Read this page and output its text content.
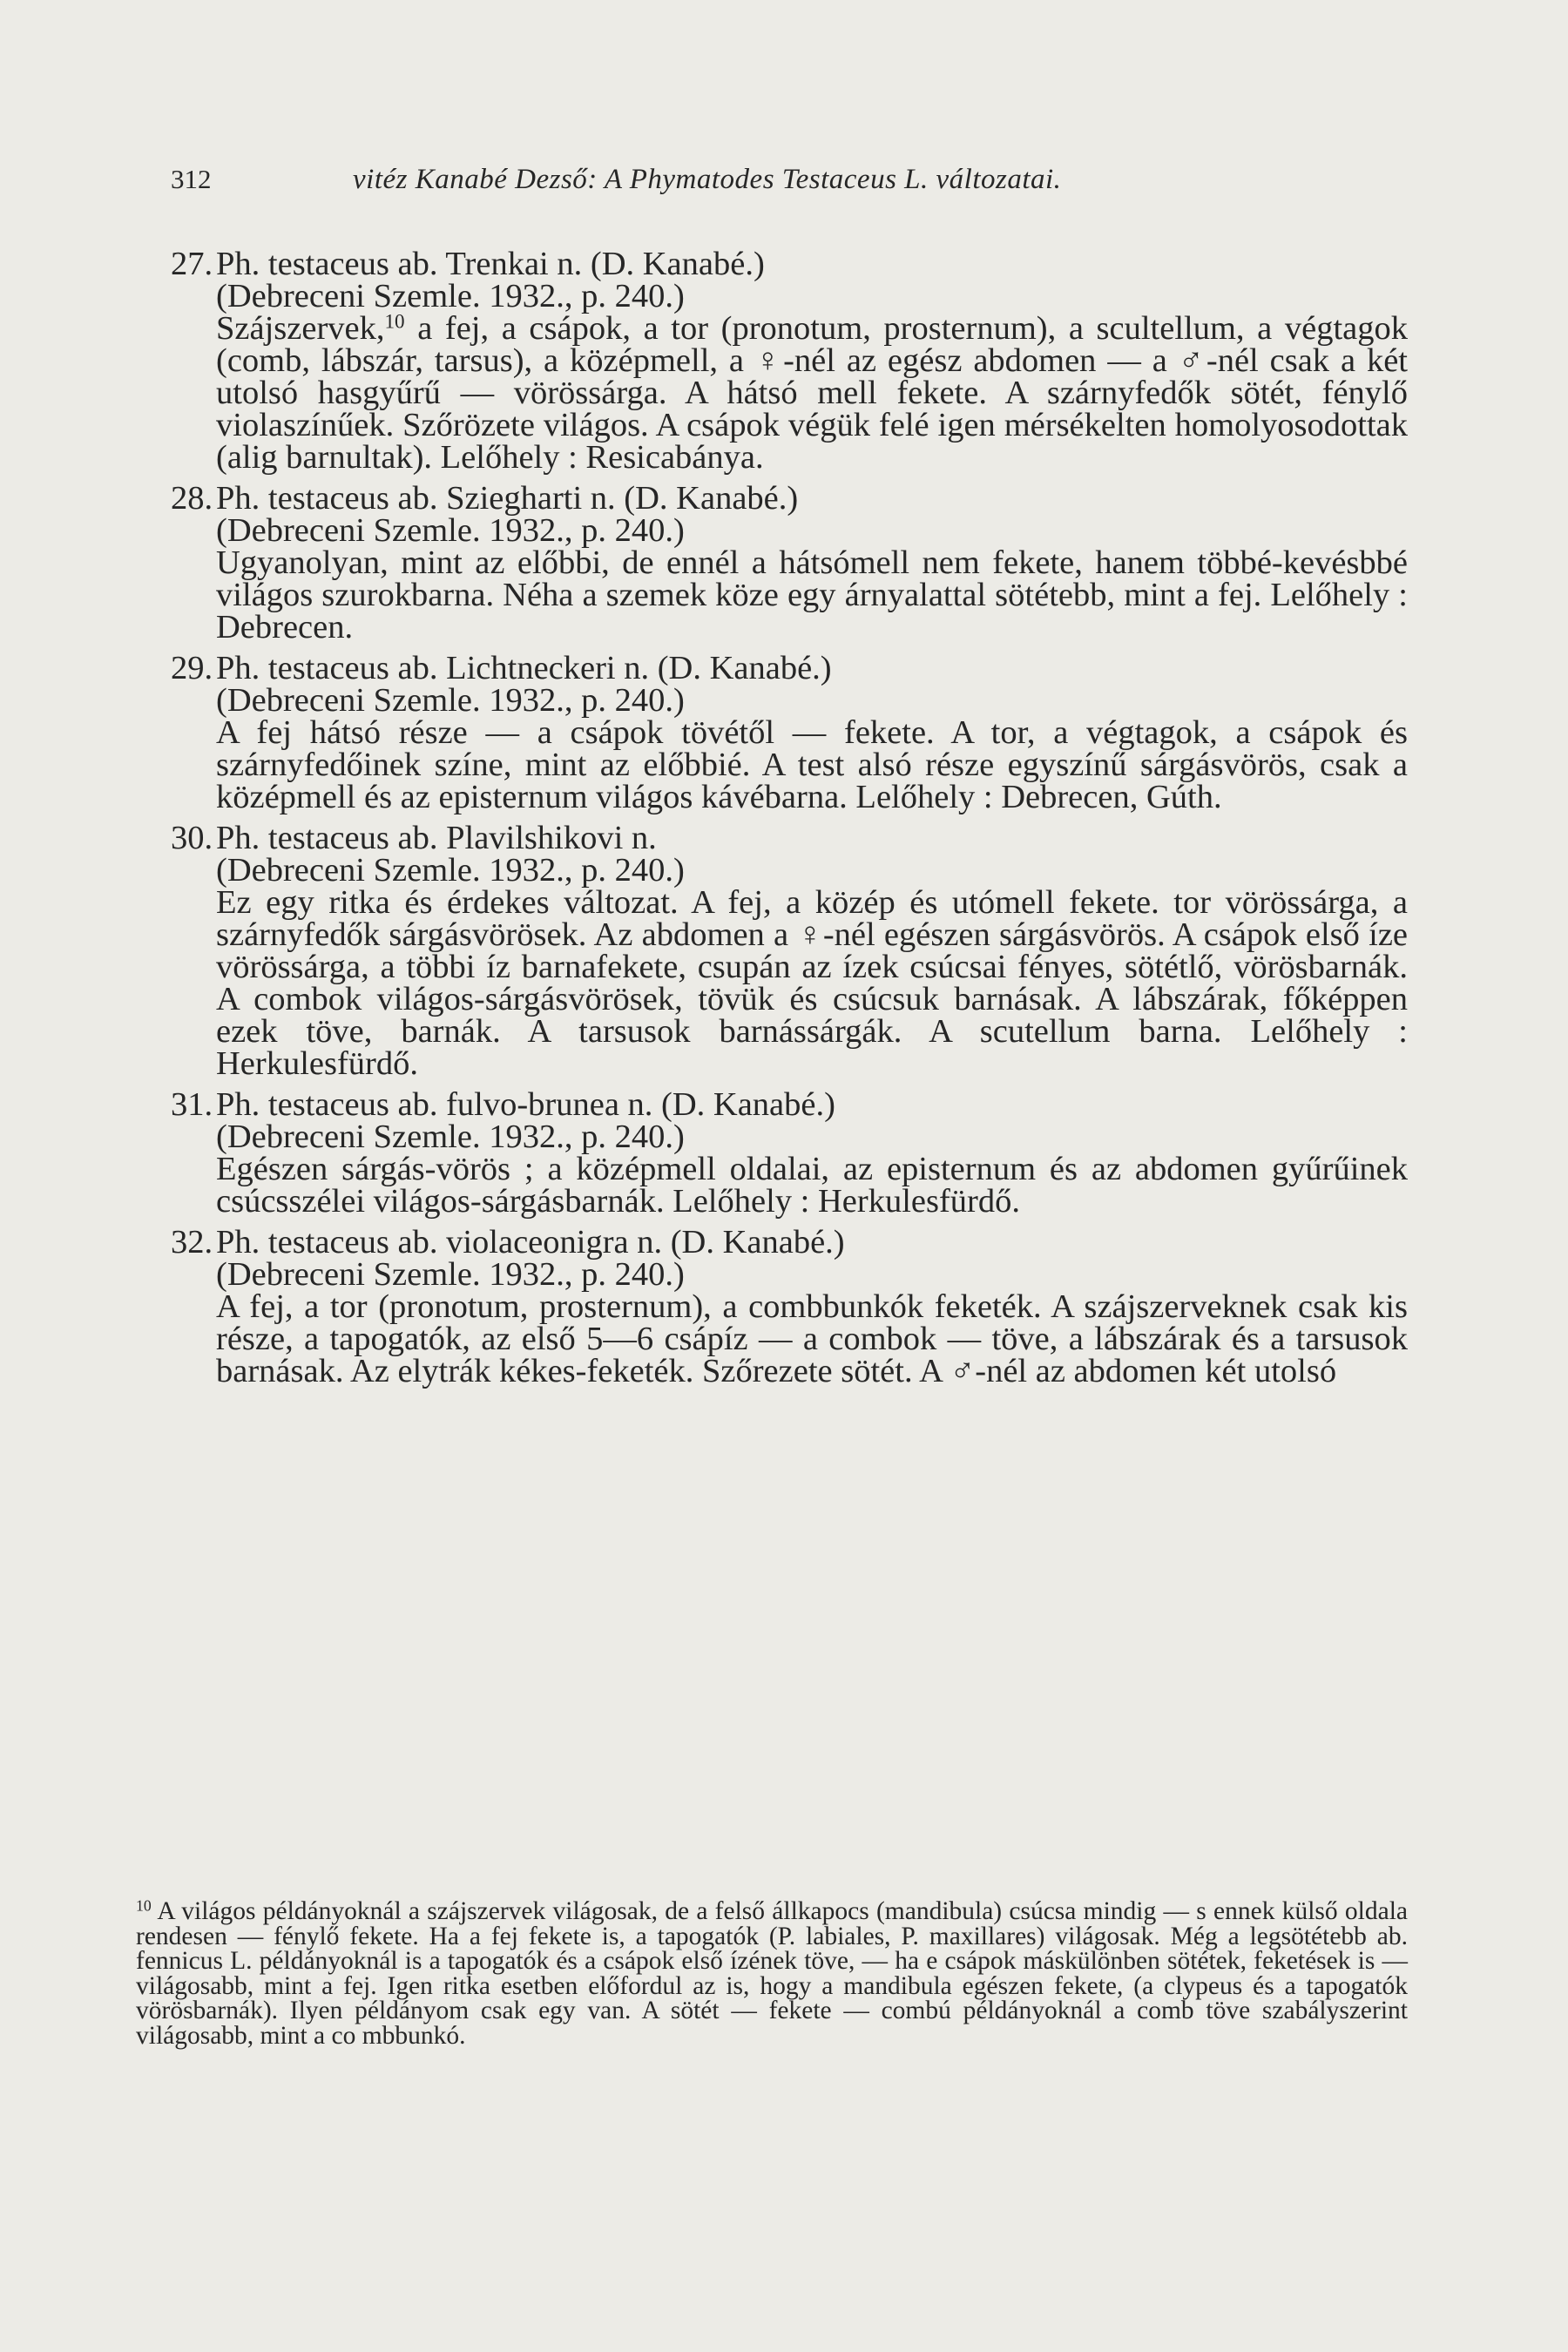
312	vitéz Kanabé Dezső: A Phymatodes Testaceus L. változatai.
27. Ph. testaceus ab. Trenkai n. (D. Kanabé.)

(Debreceni Szemle. 1932., p. 240.)

Szájszervek,$^{10}$ a fej, a csápok, a tor (pronotum, prosternum), a scultellum, a végtagok (comb, lábszár, tarsus), a középmell, a ♀-nél az egész abdomen — a ♂-nél csak a két utolsó hasgyűrű — vörössárga. A hátsó mell fekete. A szárnyfedők sötét, fénylő violaszínűek. Szőrözete világos. A csápok végük felé igen mérsékelten homolyosodottak (alig barnultak). Lelőhely : Resicabánya.

28. Ph. testaceus ab. Szieghartі n. (D. Kanabé.)

(Debreceni Szemle. 1932., p. 240.)

Ugyanolyan, mint az előbbi, de ennél a hátsómell nem fekete, hanem többé-kevésbbé világos szurokbarna. Néha a szemek köze egy árnyalattal sötétebb, mint a fej. Lelőhely : Debrecen.

29. Ph. testaceus ab. Lichtneckeri n. (D. Kanabé.)

(Debreceni Szemle. 1932., p. 240.)

A fej hátsó része — a csápok tövétől — fekete. A tor, a végtagok, a csápok és szárnyfedőinek színe, mint az előbbié. A test alsó része egyszínű sárgásvörös, csak a középmell és az episternum világos kávébarna. Lelőhely : Debrecen, Gúth.

30. Ph. testaceus ab. Plavilshikovi n.

(Debreceni Szemle. 1932., p. 240.)

Ez egy ritka és érdekes változat. A fej, a közép és utómell fekete. tor vörössárga, a szárnyfedők sárgásvörösek. Az abdomen a ♀-nél egészen sárgásvörös. A csápok első íze vörössárga, a többi íz barnafekete, csupán az ízek csúcsai fényes, sötétlő, vörösbarnák. A combok világos-sárgásvörösek, tövük és csúcsuk barnásak. A lábszárak, főképpen ezek töve, barnák. A tarsusok barnássárgák. A scutellum barna. Lelőhely : Herkulesfürdő.

31. Ph. testaceus ab. fulvo-brunea n. (D. Kanabé.)

(Debreceni Szemle. 1932., p. 240.)

Egészen sárgás-vörös ; a középmell oldalai, az episternum és az abdomen gyűrűinek csúcsszélei világos-sárgásbarnák. Lelőhely : Herkulesfürdő.

32. Ph. testaceus ab. violaceonigra n. (D. Kanabé.)

(Debreceni Szemle. 1932., p. 240.)

A fej, a tor (pronotum, prosternum), a combbunkók feketék. A szájszerveknek csak kis része, a tapogatók, az első 5—6 csápíz — a combok — töve, a lábszárak és a tarsusok barnásak. Az elytrák kékes-feketék. Szőrezete sötét. A ♂-nél az abdomen két utolsó

$^{10}$ A világos példányoknál a szájszervek világosak, de a felső állkapocs (mandibula) csúcsa mindig — s ennek külső oldala rendesen — fénylő fekete. Ha a fej fekete is, a tapogatók (P. labiales, P. maxillares) világosak. Még a legsötétebb ab. fennicus L. példányoknál is a tapogatók és a csápok első ízének töve, — ha e csápok máskülönben sötétek, feketések is — világosabb, mint a fej. Igen ritka esetben előfordul az is, hogy a mandibula egészen fekete, (a clypeus és a tapogatók vörösbarnák). Ilyen példányom csak egy van. A sötét — fekete — combú példányoknál a comb töve szabályszerint világosabb, mint a co mbbunkó.
